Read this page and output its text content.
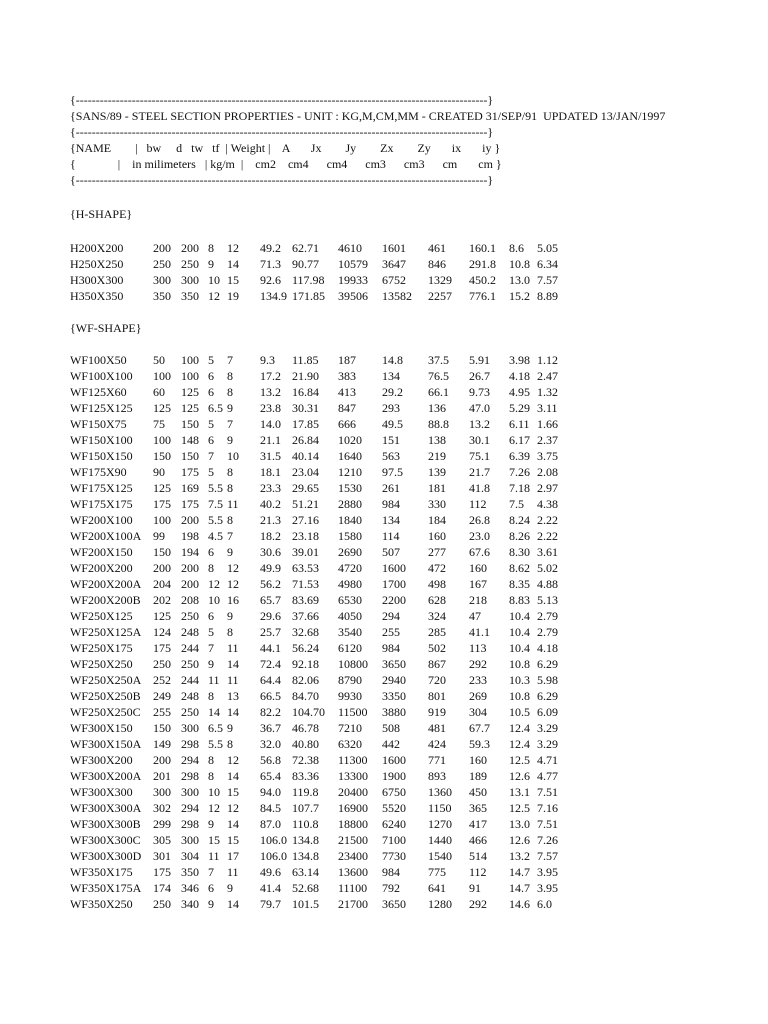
{-------------------------------------------------------------------------------------------------------}
{SANS/89 - STEEL SECTION PROPERTIES - UNIT : KG,M,CM,MM - CREATED 31/SEP/91  UPDATED 13/JAN/1997
{-------------------------------------------------------------------------------------------------------}
{NAME        |   bw     d   tw   tf  | Weight |    A       Jx        Jy        Zx        Zy       ix       iy }
{              |    in milimeters   | kg/m  |    cm2    cm4      cm4      cm3      cm3      cm       cm }
{-------------------------------------------------------------------------------------------------------}
{H-SHAPE}
H200X200 200 200 8 12 49.2 62.71 4610 1601 461 160.1 8.6 5.05
H250X250 250 250 9 14 71.3 90.77 10579 3647 846 291.8 10.8 6.34
H300X300 300 300 10 15 92.6 117.98 19933 6752 1329 450.2 13.0 7.57
H350X350 350 350 12 19 134.9 171.85 39506 13582 2257 776.1 15.2 8.89
{WF-SHAPE}
WF100X50 50 100 5 7 9.3 11.85 187 14.8 37.5 5.91 3.98 1.12
WF100X100 100 100 6 8 17.2 21.90 383 134 76.5 26.7 4.18 2.47
WF125X60 60 125 6 8 13.2 16.84 413 29.2 66.1 9.73 4.95 1.32
WF125X125 125 125 6.5 9 23.8 30.31 847 293 136 47.0 5.29 3.11
WF150X75 75 150 5 7 14.0 17.85 666 49.5 88.8 13.2 6.11 1.66
WF150X100 100 148 6 9 21.1 26.84 1020 151 138 30.1 6.17 2.37
WF150X150 150 150 7 10 31.5 40.14 1640 563 219 75.1 6.39 3.75
WF175X90 90 175 5 8 18.1 23.04 1210 97.5 139 21.7 7.26 2.08
WF175X125 125 169 5.5 8 23.3 29.65 1530 261 181 41.8 7.18 2.97
WF175X175 175 175 7.5 11 40.2 51.21 2880 984 330 112 7.5 4.38
WF200X100 100 200 5.5 8 21.3 27.16 1840 134 184 26.8 8.24 2.22
WF200X100A 99 198 4.5 7 18.2 23.18 1580 114 160 23.0 8.26 2.22
WF200X150 150 194 6 9 30.6 39.01 2690 507 277 67.6 8.30 3.61
WF200X200 200 200 8 12 49.9 63.53 4720 1600 472 160 8.62 5.02
WF200X200A 204 200 12 12 56.2 71.53 4980 1700 498 167 8.35 4.88
WF200X200B 202 208 10 16 65.7 83.69 6530 2200 628 218 8.83 5.13
WF250X125 125 250 6 9 29.6 37.66 4050 294 324 47 10.4 2.79
WF250X125A 124 248 5 8 25.7 32.68 3540 255 285 41.1 10.4 2.79
WF250X175 175 244 7 11 44.1 56.24 6120 984 502 113 10.4 4.18
WF250X250 250 250 9 14 72.4 92.18 10800 3650 867 292 10.8 6.29
WF250X250A 252 244 11 11 64.4 82.06 8790 2940 720 233 10.3 5.98
WF250X250B 249 248 8 13 66.5 84.70 9930 3350 801 269 10.8 6.29
WF250X250C 255 250 14 14 82.2 104.70 11500 3880 919 304 10.5 6.09
WF300X150 150 300 6.5 9 36.7 46.78 7210 508 481 67.7 12.4 3.29
WF300X150A 149 298 5.5 8 32.0 40.80 6320 442 424 59.3 12.4 3.29
WF300X200 200 294 8 12 56.8 72.38 11300 1600 771 160 12.5 4.71
WF300X200A 201 298 8 14 65.4 83.36 13300 1900 893 189 12.6 4.77
WF300X300 300 300 10 15 94.0 119.8 20400 6750 1360 450 13.1 7.51
WF300X300A 302 294 12 12 84.5 107.7 16900 5520 1150 365 12.5 7.16
WF300X300B 299 298 9 14 87.0 110.8 18800 6240 1270 417 13.0 7.51
WF300X300C 305 300 15 15 106.0 134.8 21500 7100 1440 466 12.6 7.26
WF300X300D 301 304 11 17 106.0 134.8 23400 7730 1540 514 13.2 7.57
WF350X175 175 350 7 11 49.6 63.14 13600 984 775 112 14.7 3.95
WF350X175A 174 346 6 9 41.4 52.68 11100 792 641 91 14.7 3.95
WF350X250 250 340 9 14 79.7 101.5 21700 3650 1280 292 14.6 6.0
